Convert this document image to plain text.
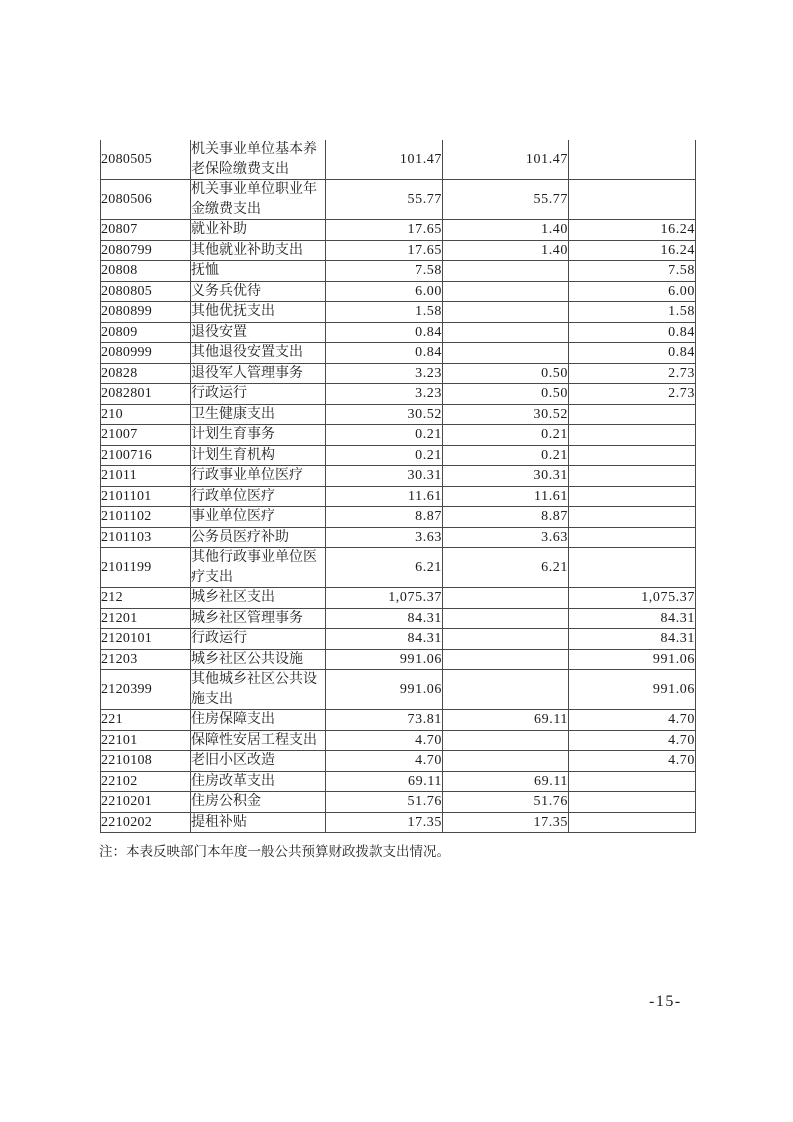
2080505	机关事业单位基本养老保险缴费支出	101.47	101.47	
2080506	机关事业单位职业年金缴费支出	55.77	55.77	
20807	就业补助	17.65	1.40	16.24
2080799	其他就业补助支出	17.65	1.40	16.24
20808	抚恤	7.58		7.58
2080805	义务兵优待	6.00		6.00
2080899	其他优抚支出	1.58		1.58
20809	退役安置	0.84		0.84
2080999	其他退役安置支出	0.84		0.84
20828	退役军人管理事务	3.23	0.50	2.73
2082801	行政运行	3.23	0.50	2.73
210	卫生健康支出	30.52	30.52	
21007	计划生育事务	0.21	0.21	
2100716	计划生育机构	0.21	0.21	
21011	行政事业单位医疗	30.31	30.31	
2101101	行政单位医疗	11.61	11.61	
2101102	事业单位医疗	8.87	8.87	
2101103	公务员医疗补助	3.63	3.63	
2101199	其他行政事业单位医疗支出	6.21	6.21	
212	城乡社区支出	1,075.37		1,075.37
21201	城乡社区管理事务	84.31		84.31
2120101	行政运行	84.31		84.31
21203	城乡社区公共设施	991.06		991.06
2120399	其他城乡社区公共设施支出	991.06		991.06
221	住房保障支出	73.81	69.11	4.70
22101	保障性安居工程支出	4.70		4.70
2210108	老旧小区改造	4.70		4.70
22102	住房改革支出	69.11	69.11	
2210201	住房公积金	51.76	51.76	
2210202	提租补贴	17.35	17.35	
注：本表反映部门本年度一般公共预算财政拨款支出情况。
-15-
